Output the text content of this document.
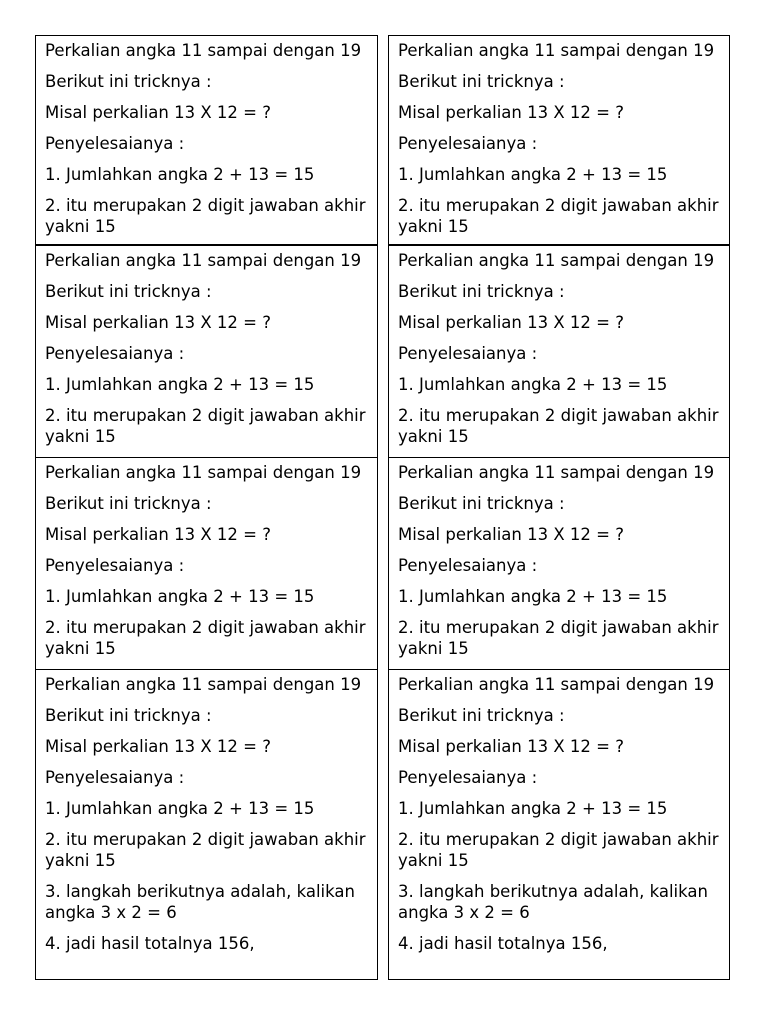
Perkalian angka 11 sampai dengan 19
Berikut ini tricknya :
Misal perkalian 13 X 12 = ?
Penyelesaianya :
1. Jumlahkan angka 2 + 13 = 15
2. itu merupakan 2 digit jawaban akhir yakni 15
Perkalian angka 11 sampai dengan 19
Berikut ini tricknya :
Misal perkalian 13 X 12 = ?
Penyelesaianya :
1. Jumlahkan angka 2 + 13 = 15
2. itu merupakan 2 digit jawaban akhir yakni 15
Perkalian angka 11 sampai dengan 19
Berikut ini tricknya :
Misal perkalian 13 X 12 = ?
Penyelesaianya :
1. Jumlahkan angka 2 + 13 = 15
2. itu merupakan 2 digit jawaban akhir yakni 15
Perkalian angka 11 sampai dengan 19
Berikut ini tricknya :
Misal perkalian 13 X 12 = ?
Penyelesaianya :
1. Jumlahkan angka 2 + 13 = 15
2. itu merupakan 2 digit jawaban akhir yakni 15
Perkalian angka 11 sampai dengan 19
Berikut ini tricknya :
Misal perkalian 13 X 12 = ?
Penyelesaianya :
1. Jumlahkan angka 2 + 13 = 15
2. itu merupakan 2 digit jawaban akhir yakni 15
Perkalian angka 11 sampai dengan 19
Berikut ini tricknya :
Misal perkalian 13 X 12 = ?
Penyelesaianya :
1. Jumlahkan angka 2 + 13 = 15
2. itu merupakan 2 digit jawaban akhir yakni 15
Perkalian angka 11 sampai dengan 19
Berikut ini tricknya :
Misal perkalian 13 X 12 = ?
Penyelesaianya :
1. Jumlahkan angka 2 + 13 = 15
2. itu merupakan 2 digit jawaban akhir yakni 15
3. langkah berikutnya adalah, kalikan angka 3 x 2 = 6
4. jadi hasil totalnya 156,
Perkalian angka 11 sampai dengan 19
Berikut ini tricknya :
Misal perkalian 13 X 12 = ?
Penyelesaianya :
1. Jumlahkan angka 2 + 13 = 15
2. itu merupakan 2 digit jawaban akhir yakni 15
3. langkah berikutnya adalah, kalikan angka 3 x 2 = 6
4. jadi hasil totalnya 156,
